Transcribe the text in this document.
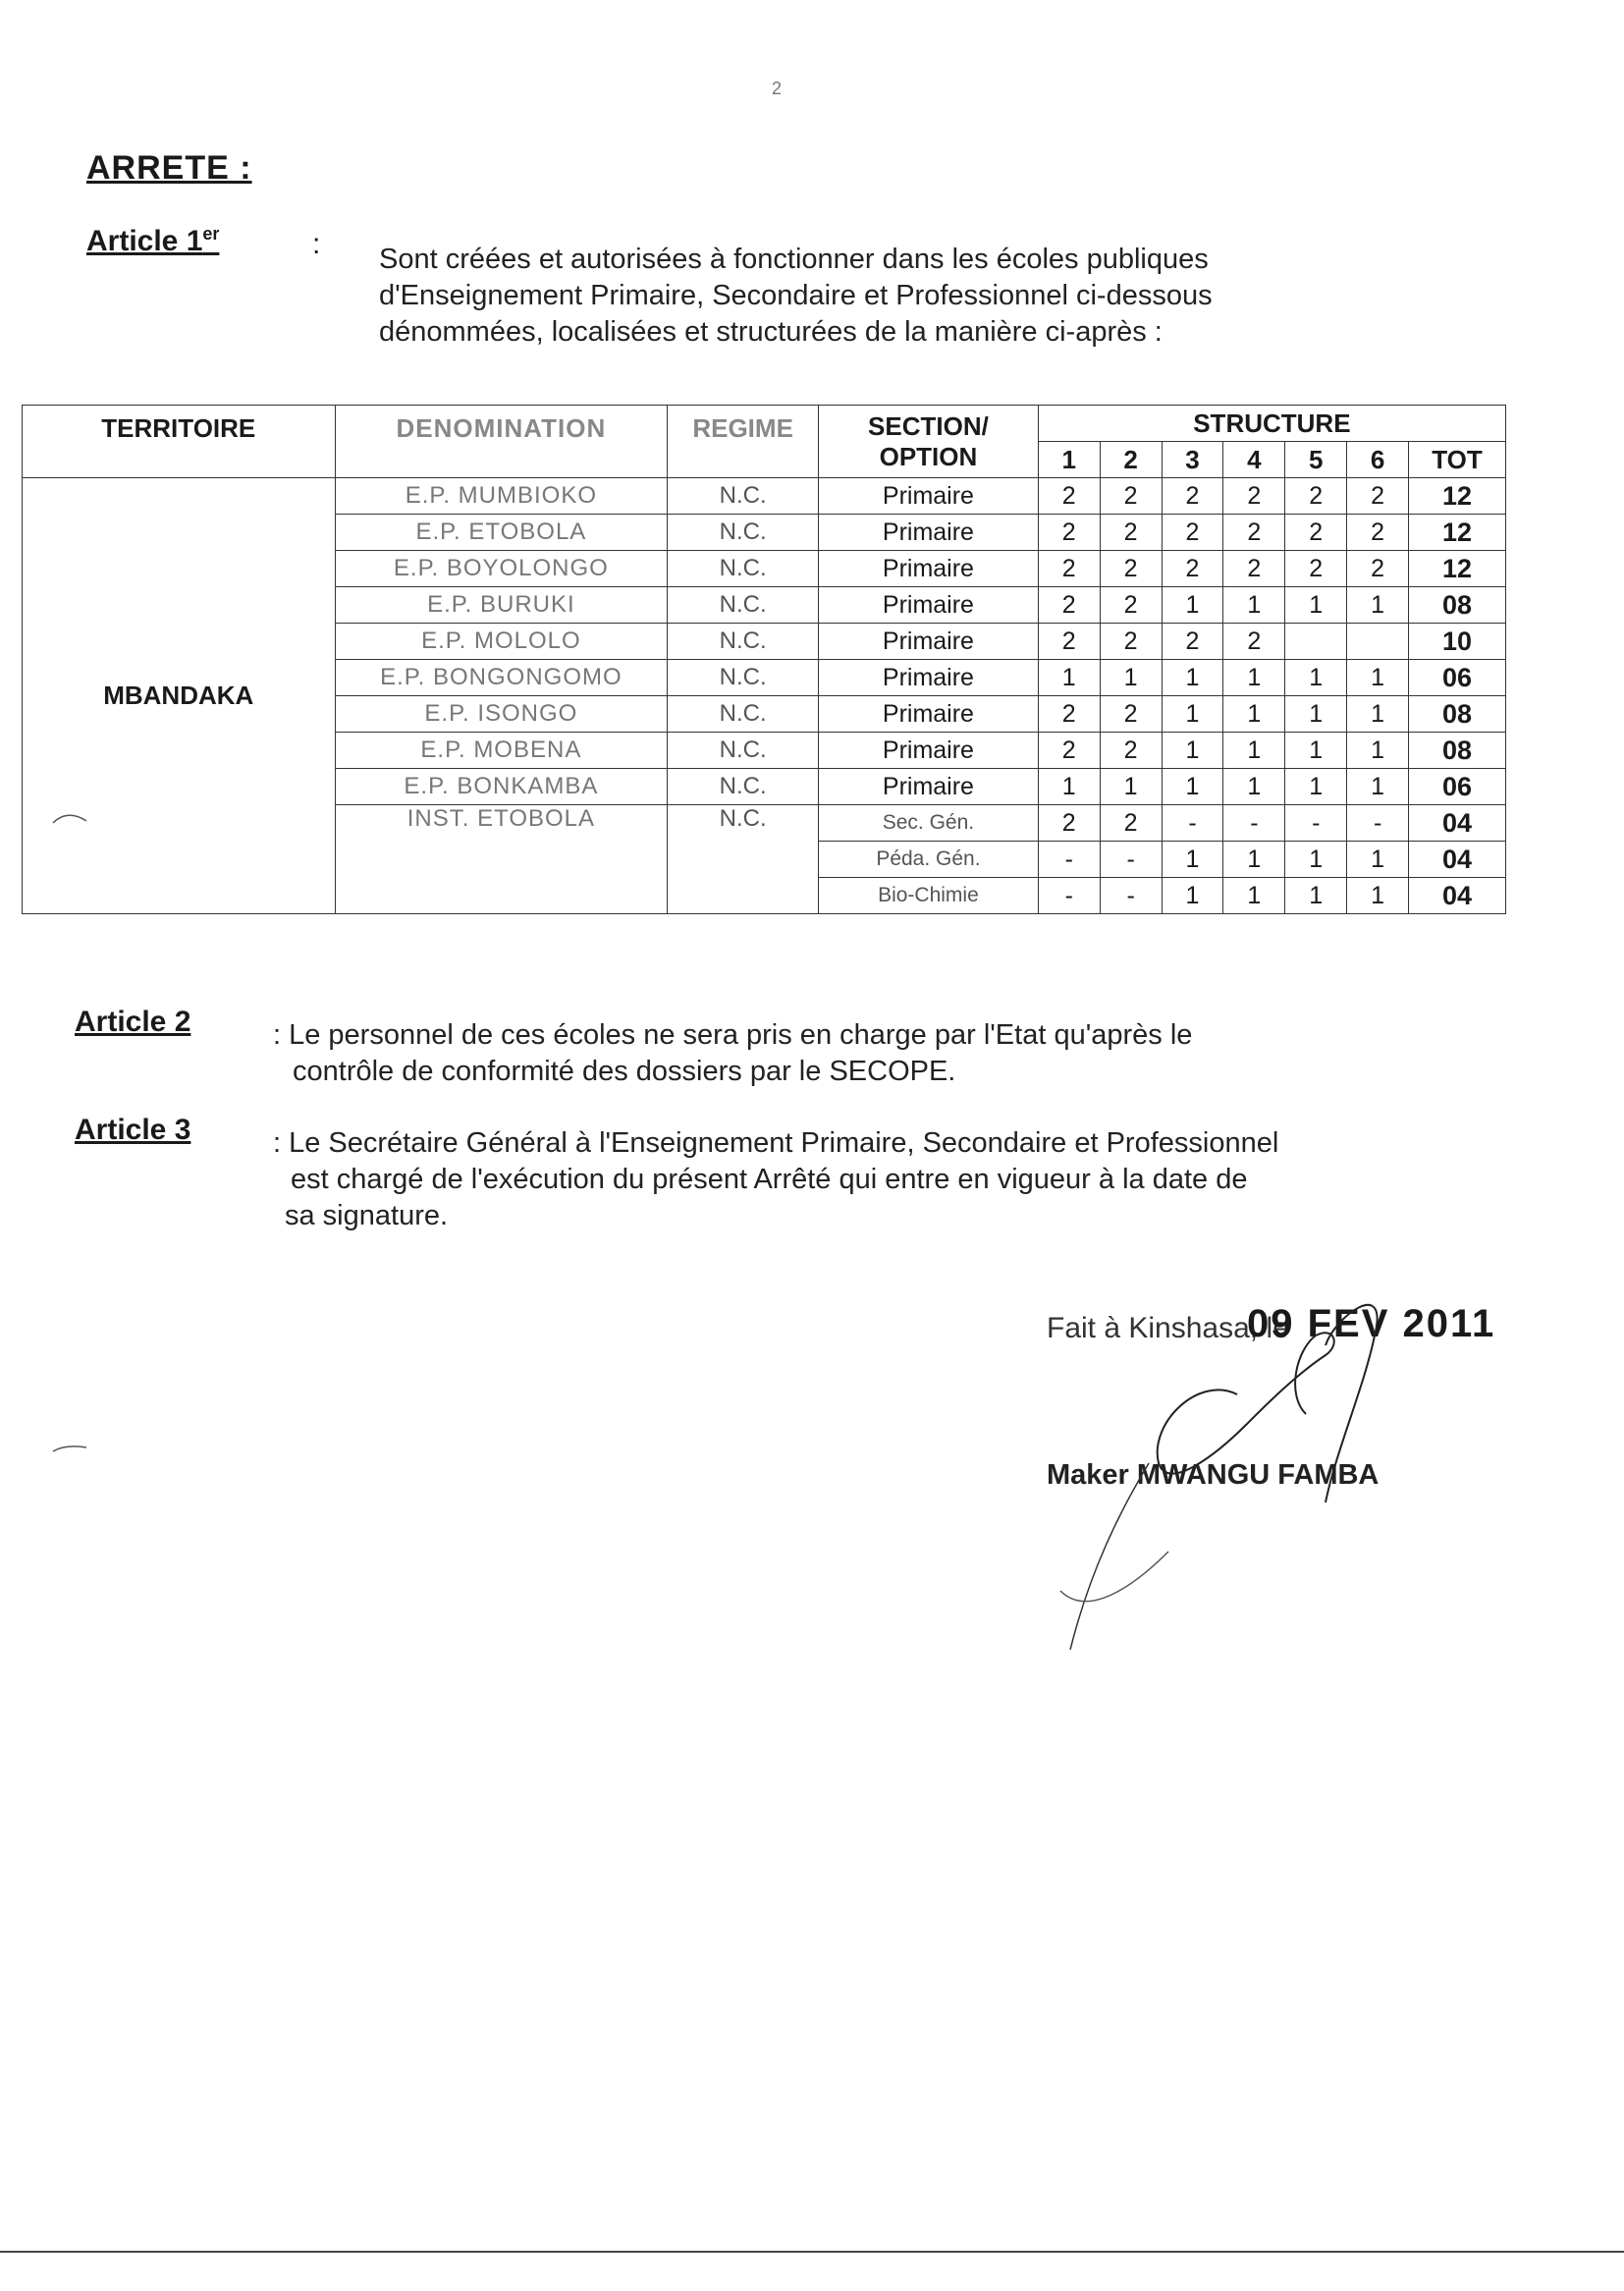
2
ARRETE :
Article 1er	: Sont créées et autorisées à fonctionner dans les écoles publiques
d'Enseignement Primaire, Secondaire et Professionnel ci-dessous
dénommées, localisées et structurées de la manière ci-après :
TERRITOIRE	DENOMINATION	REGIME	SECTION/ OPTION	STRUCTURE						
				1	2	3	4	5	6	TOT
MBANDAKA	E.P. MUMBIOKO	N.C.	Primaire	2	2	2	2	2	2	12
	E.P. ETOBOLA	N.C.	Primaire	2	2	2	2	2	2	12
	E.P. BOYOLONGO	N.C.	Primaire	2	2	2	2	2	2	12
	E.P. BURUKI	N.C.	Primaire	2	2	1	1	1	1	08
	E.P. MOLOLO	N.C.	Primaire	2	2	2	2			10
	E.P. BONGONGOMO	N.C.	Primaire	1	1	1	1	1	1	06
	E.P. ISONGO	N.C.	Primaire	2	2	1	1	1	1	08
	E.P. MOBENA	N.C.	Primaire	2	2	1	1	1	1	08
	E.P. BONKAMBA	N.C.	Primaire	1	1	1	1	1	1	06
	INST. ETOBOLA	N.C.	Sec. Gén.	2	2	-	-	-	-	04
			Péda. Gén.	-	-	1	1	1	1	04
			Bio-Chimie	-	-	1	1	1	1	04
Article 2	: Le personnel de ces écoles ne sera pris en charge par l'Etat qu'après le
contrôle de conformité des dossiers par le SECOPE.
Article 3	: Le Secrétaire Général à l'Enseignement Primaire, Secondaire et Professionnel
est chargé de l'exécution du présent Arrêté qui entre en vigueur à la date de
sa signature.
Fait à Kinshasa, le
09 FEV 2011
Maker MWANGU FAMBA
